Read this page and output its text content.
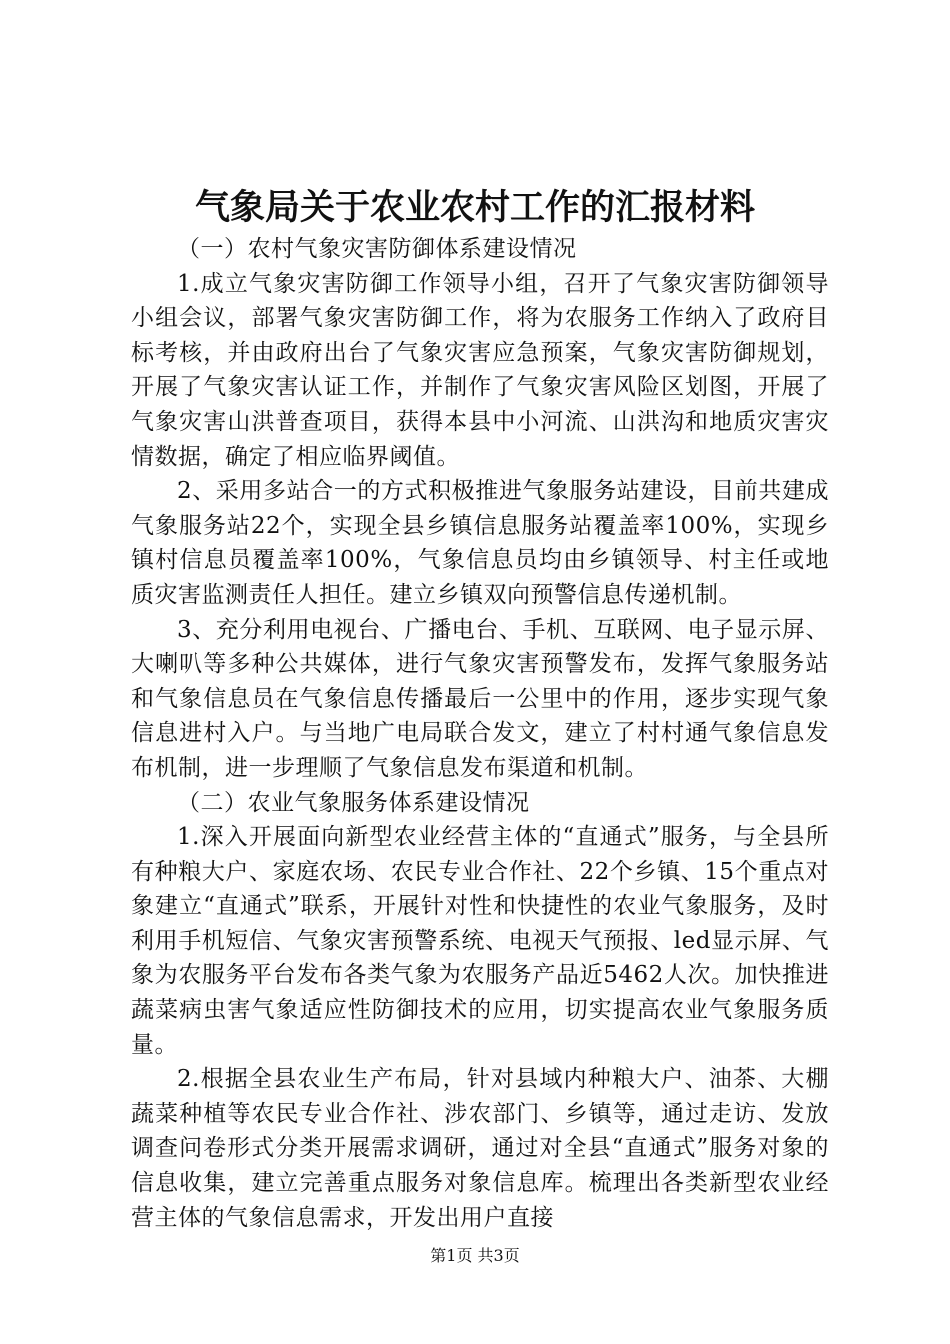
气象局关于农业农村工作的汇报材料

（一）农村气象灾害防御体系建设情况

1.成立气象灾害防御工作领导小组，召开了气象灾害防御领导小组会议，部署气象灾害防御工作，将为农服务工作纳入了政府目标考核，并由政府出台了气象灾害应急预案，气象灾害防御规划，开展了气象灾害认证工作，并制作了气象灾害风险区划图，开展了气象灾害山洪普查项目，获得本县中小河流、山洪沟和地质灾害灾情数据，确定了相应临界阈值。

2、采用多站合一的方式积极推进气象服务站建设，目前共建成气象服务站22个，实现全县乡镇信息服务站覆盖率100%，实现乡镇村信息员覆盖率100%，气象信息员均由乡镇领导、村主任或地质灾害监测责任人担任。建立乡镇双向预警信息传递机制。

3、充分利用电视台、广播电台、手机、互联网、电子显示屏、大喇叭等多种公共媒体，进行气象灾害预警发布，发挥气象服务站和气象信息员在气象信息传播最后一公里中的作用，逐步实现气象信息进村入户。与当地广电局联合发文，建立了村村通气象信息发布机制，进一步理顺了气象信息发布渠道和机制。

（二）农业气象服务体系建设情况

1.深入开展面向新型农业经营主体的“直通式”服务，与全县所有种粮大户、家庭农场、农民专业合作社、22个乡镇、15个重点对象建立“直通式”联系，开展针对性和快捷性的农业气象服务，及时利用手机短信、气象灾害预警系统、电视天气预报、led显示屏、气象为农服务平台发布各类气象为农服务产品近5462人次。加快推进蔬菜病虫害气象适应性防御技术的应用，切实提高农业气象服务质量。

2.根据全县农业生产布局，针对县域内种粮大户、油茶、大棚蔬菜种植等农民专业合作社、涉农部门、乡镇等，通过走访、发放调查问卷形式分类开展需求调研，通过对全县“直通式”服务对象的信息收集，建立完善重点服务对象信息库。梳理出各类新型农业经营主体的气象信息需求，开发出用户直接

第1页 共3页
